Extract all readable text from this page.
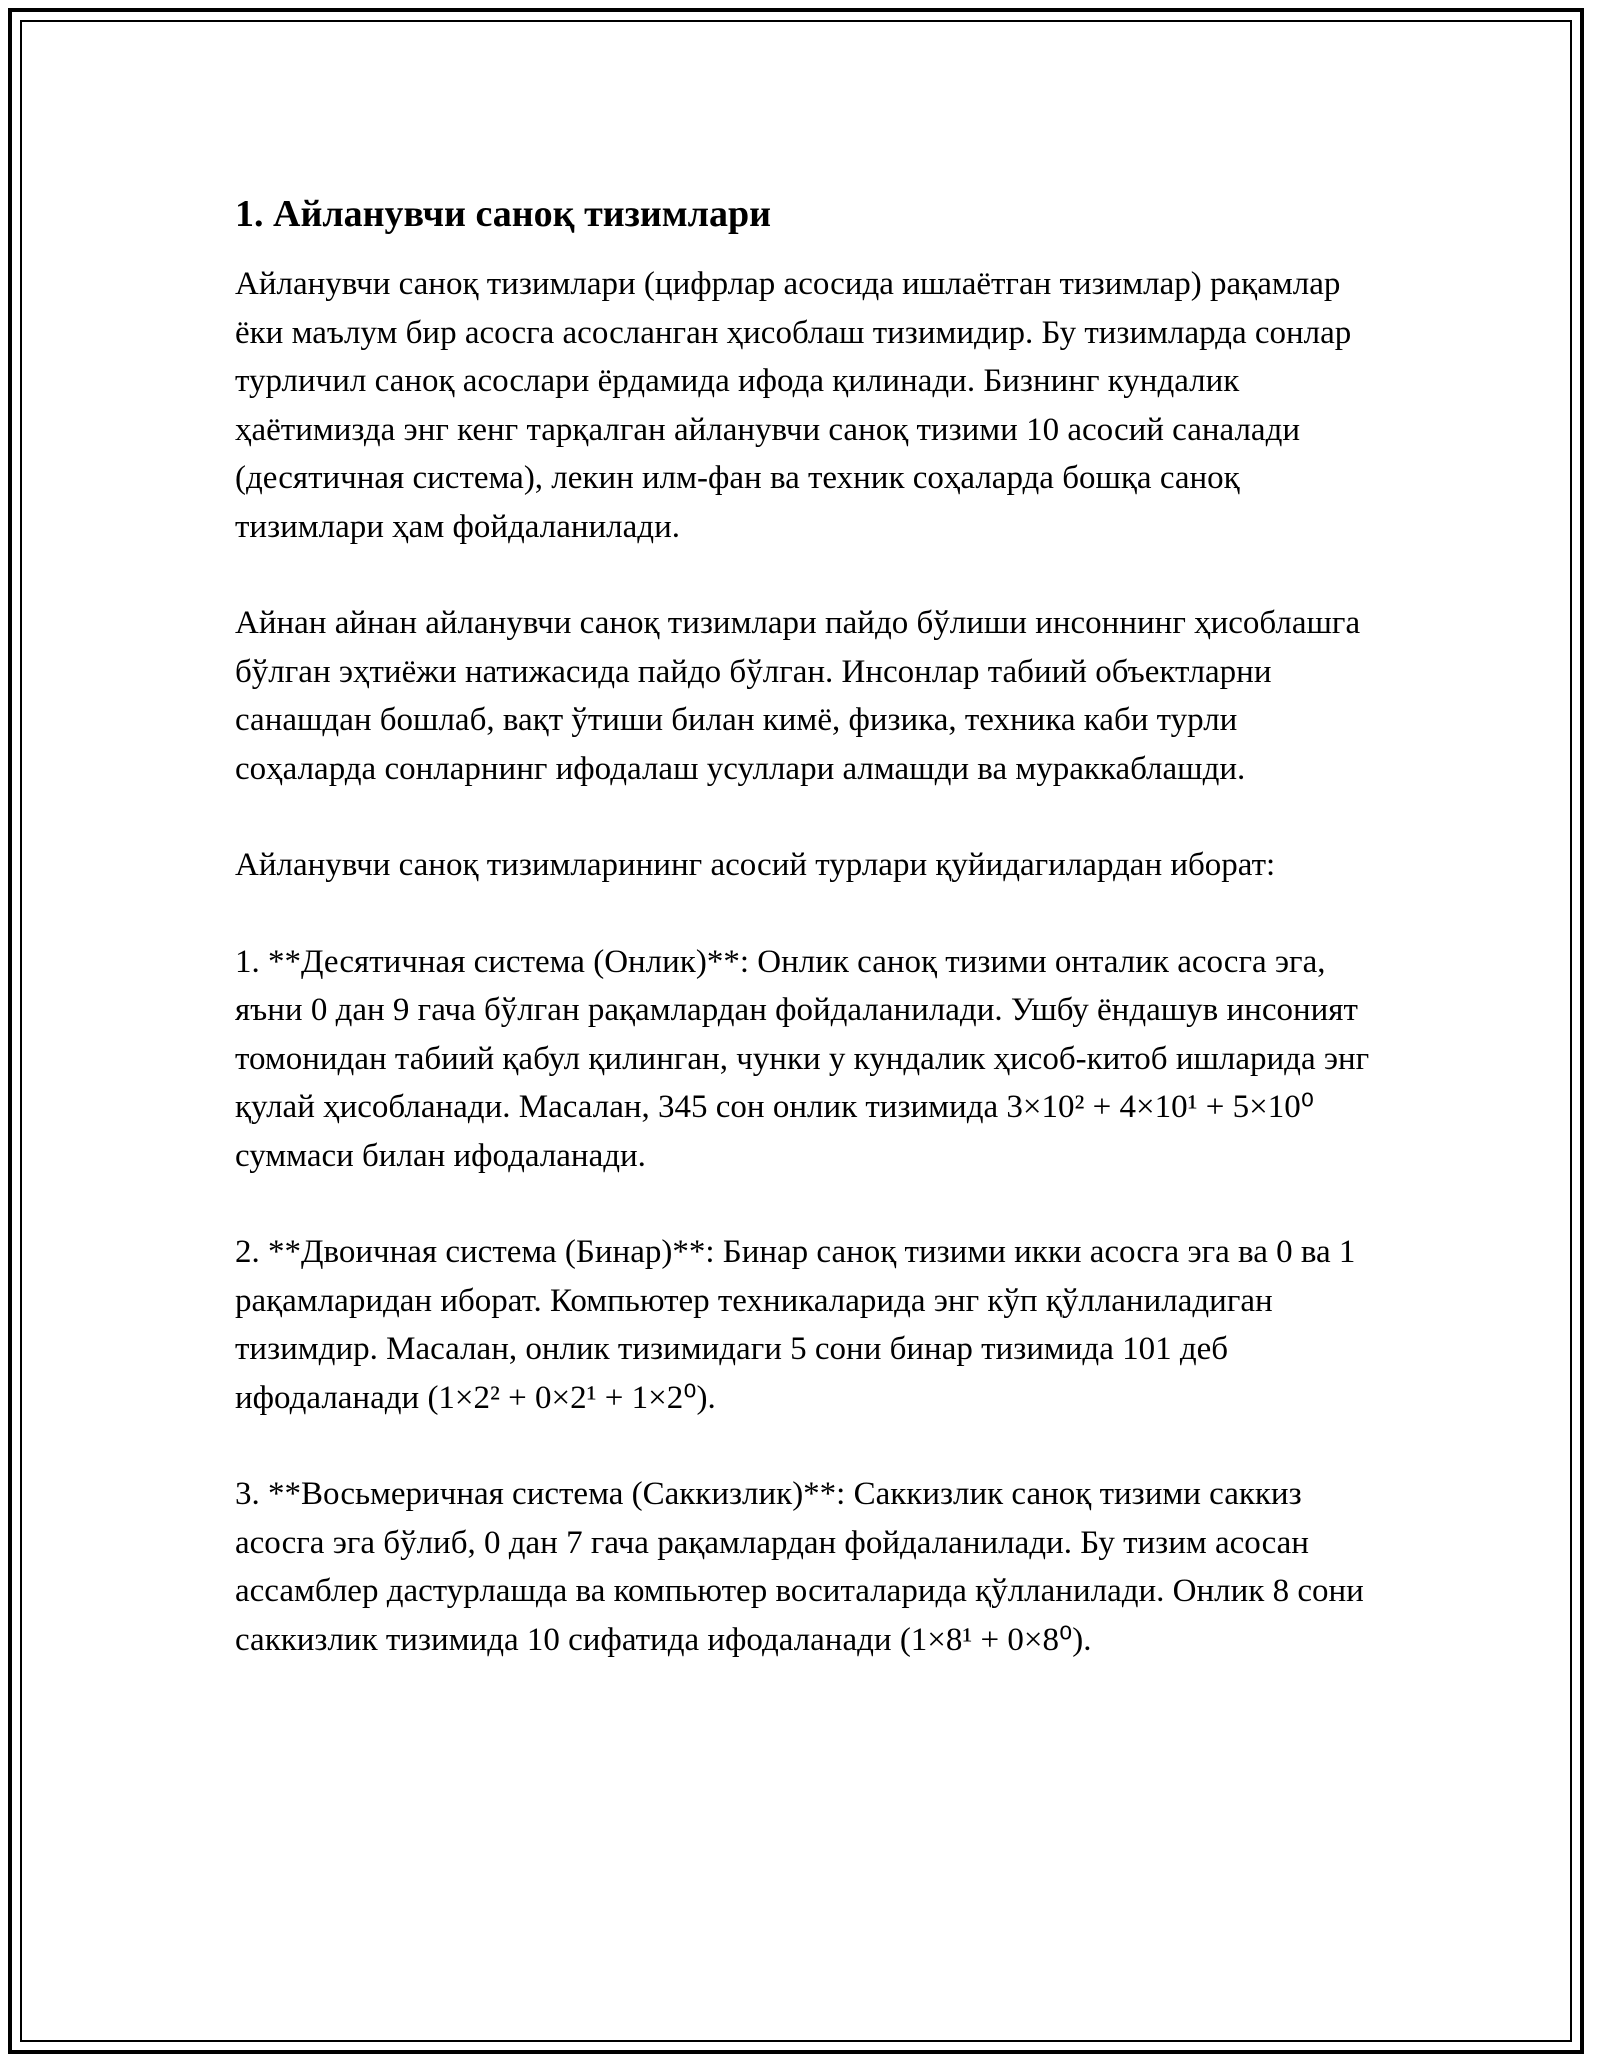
1. Айланувчи саноқ тизимлари

Айланувчи саноқ тизимлари (цифрлар асосида ишлаётган тизимлар) рақамлар ёки маълум бир асосга асосланган ҳисоблаш тизимидир. Бу тизимларда сонлар турличил саноқ асослари ёрдамида ифода қилинади. Бизнинг кундалик ҳаётимизда энг кенг тарқалган айланувчи саноқ тизими 10 асосий саналади (десятичная система), лекин илм-фан ва техник соҳаларда бошқа саноқ тизимлари ҳам фойдаланилади.

Айнан айнан айланувчи саноқ тизимлари пайдо бўлиши инсоннинг ҳисоблашга бўлган эҳтиёжи натижасида пайдо бўлган. Инсонлар табиий объектларни санашдан бошлаб, вақт ўтиши билан кимё, физика, техника каби турли соҳаларда сонларнинг ифодалаш усуллари алмашди ва мураккаблашди.

Айланувчи саноқ тизимларининг асосий турлари қуйидагилардан иборат:

1. **Десятичная система (Онлик)**: Онлик саноқ тизими онталик асосга эга, яъни 0 дан 9 гача бўлган рақамлардан фойдаланилади. Ушбу ёндашув инсоният томонидан табиий қабул қилинган, чунки у кундалик ҳисоб-китоб ишларида энг қулай ҳисобланади. Масалан, 345 сон онлик тизимида 3×10² + 4×10¹ + 5×10⁰ суммаси билан ифодаланади.

2. **Двоичная система (Бинар)**: Бинар саноқ тизими икки асосга эга ва 0 ва 1 рақамларидан иборат. Компьютер техникаларида энг кўп қўлланиладиган тизимдир. Масалан, онлик тизимидаги 5 сони бинар тизимида 101 деб ифодаланади (1×2² + 0×2¹ + 1×2⁰).

3. **Восьмеричная система (Саккизлик)**: Саккизлик саноқ тизими саккиз асосга эга бўлиб, 0 дан 7 гача рақамлардан фойдаланилади. Бу тизим асосан ассамблер дастурлашда ва компьютер воситаларида қўлланилади. Онлик 8 сони саккизлик тизимида 10 сифатида ифодаланади (1×8¹ + 0×8⁰).
